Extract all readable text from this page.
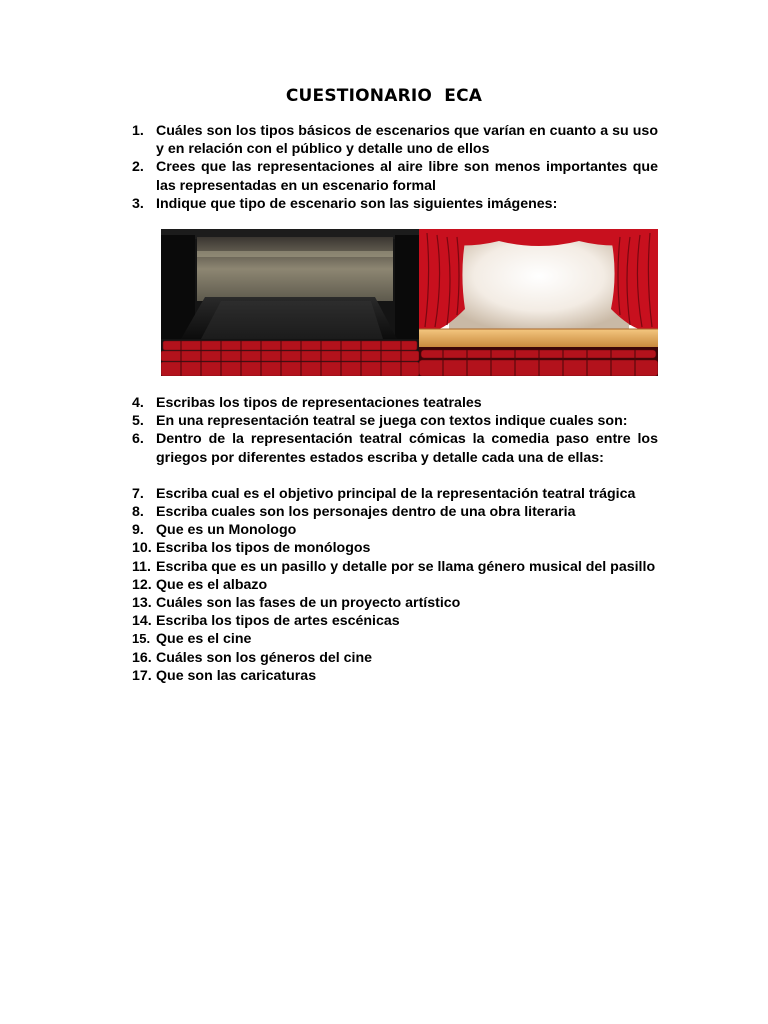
CUESTIONARIO  ECA
1. Cuáles son los tipos básicos de escenarios que varían en cuanto a su uso y en relación con el público y detalle uno de ellos
2. Crees que las representaciones al aire libre son menos importantes que las representadas en un escenario formal
3. Indique que tipo de escenario son las siguientes imágenes:
4. Escribas los tipos de representaciones teatrales
5. En una representación teatral se juega con textos indique cuales son:
6. Dentro de la representación teatral cómicas la comedia paso entre los griegos por diferentes estados escriba y detalle cada una de ellas:
7. Escriba cual es el objetivo principal de la representación teatral trágica
8. Escriba cuales son los personajes dentro de una obra literaria
9. Que es un Monologo
10. Escriba los tipos de monólogos
11. Escriba que es un pasillo y detalle por se llama género musical del pasillo
12. Que es el albazo
13. Cuáles son las fases de un proyecto artístico
14. Escriba los tipos de artes escénicas
15. Que es el cine
16. Cuáles son los géneros del cine
17. Que son las caricaturas
